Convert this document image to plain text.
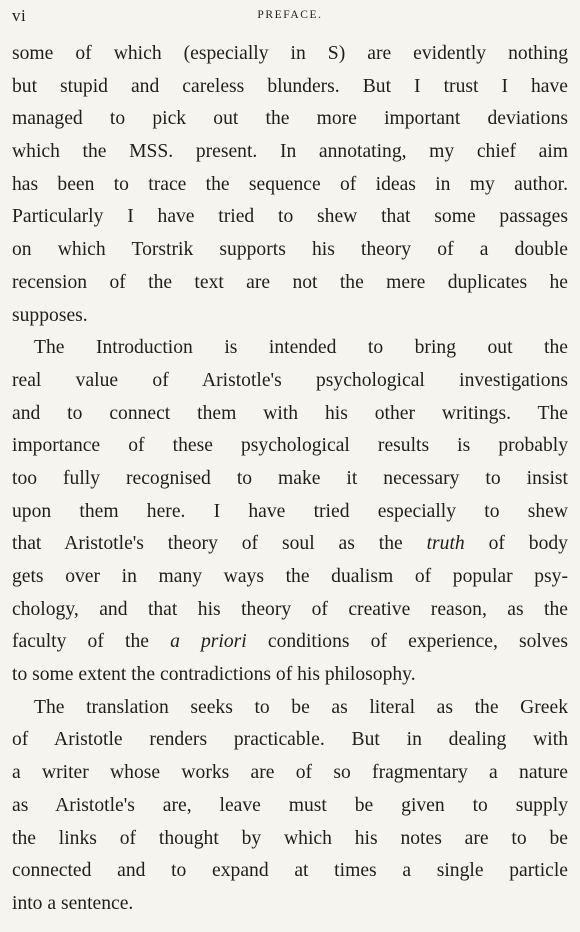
vi	PREFACE.
some of which (especially in S) are evidently nothing
but stupid and careless blunders. But I trust I have
managed to pick out the more important deviations
which the MSS. present. In annotating, my chief aim
has been to trace the sequence of ideas in my author.
Particularly I have tried to shew that some passages
on which Torstrik supports his theory of a double
recension of the text are not the mere duplicates he
supposes.
The Introduction is intended to bring out the
real value of Aristotle's psychological investigations
and to connect them with his other writings. The
importance of these psychological results is probably
too fully recognised to make it necessary to insist
upon them here. I have tried especially to shew
that Aristotle's theory of soul as the truth of body
gets over in many ways the dualism of popular psy-
chology, and that his theory of creative reason, as the
faculty of the a priori conditions of experience, solves
to some extent the contradictions of his philosophy.
The translation seeks to be as literal as the Greek
of Aristotle renders practicable. But in dealing with
a writer whose works are of so fragmentary a nature
as Aristotle's are, leave must be given to supply
the links of thought by which his notes are to be
connected and to expand at times a single particle
into a sentence.
